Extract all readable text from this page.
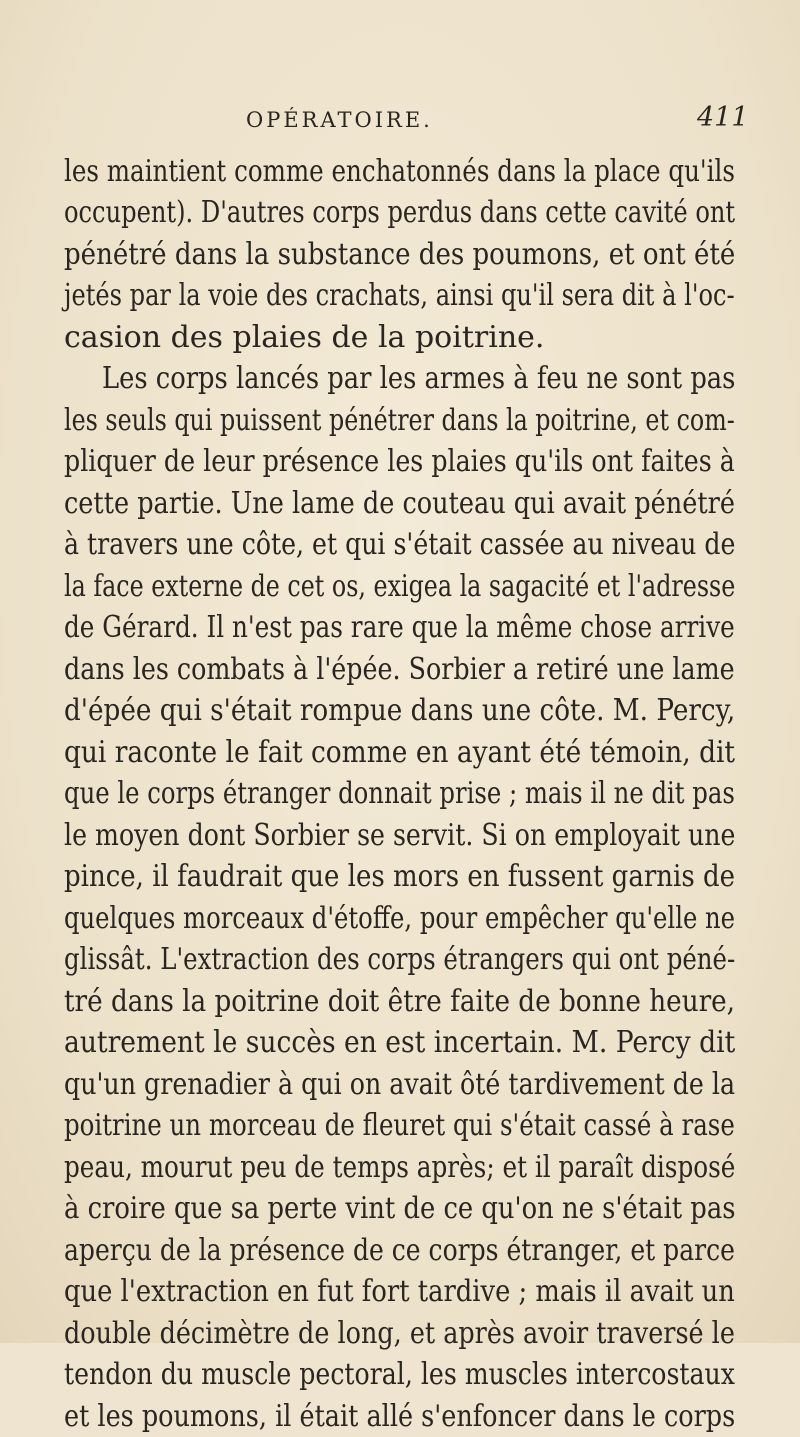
OPÉRATOIRE.	411
les maintient comme enchatonnés dans la place qu'ils
occupent). D'autres corps perdus dans cette cavité ont
pénétré dans la substance des poumons, et ont été
jetés par la voie des crachats, ainsi qu'il sera dit à l'oc-
casion des plaies de la poitrine.
Les corps lancés par les armes à feu ne sont pas
les seuls qui puissent pénétrer dans la poitrine, et com-
pliquer de leur présence les plaies qu'ils ont faites à
cette partie. Une lame de couteau qui avait pénétré
à travers une côte, et qui s'était cassée au niveau de
la face externe de cet os, exigea la sagacité et l'adresse
de Gérard. Il n'est pas rare que la même chose arrive
dans les combats à l'épée. Sorbier a retiré une lame
d'épée qui s'était rompue dans une côte. M. Percy,
qui raconte le fait comme en ayant été témoin, dit
que le corps étranger donnait prise ; mais il ne dit pas
le moyen dont Sorbier se servit. Si on employait une
pince, il faudrait que les mors en fussent garnis de
quelques morceaux d'étoffe, pour empêcher qu'elle ne
glissât. L'extraction des corps étrangers qui ont péné-
tré dans la poitrine doit être faite de bonne heure,
autrement le succès en est incertain. M. Percy dit
qu'un grenadier à qui on avait ôté tardivement de la
poitrine un morceau de fleuret qui s'était cassé à rase
peau, mourut peu de temps après; et il paraît disposé
à croire que sa perte vint de ce qu'on ne s'était pas
aperçu de la présence de ce corps étranger, et parce
que l'extraction en fut fort tardive ; mais il avait un
double décimètre de long, et après avoir traversé le
tendon du muscle pectoral, les muscles intercostaux
et les poumons, il était allé s'enfoncer dans le corps
